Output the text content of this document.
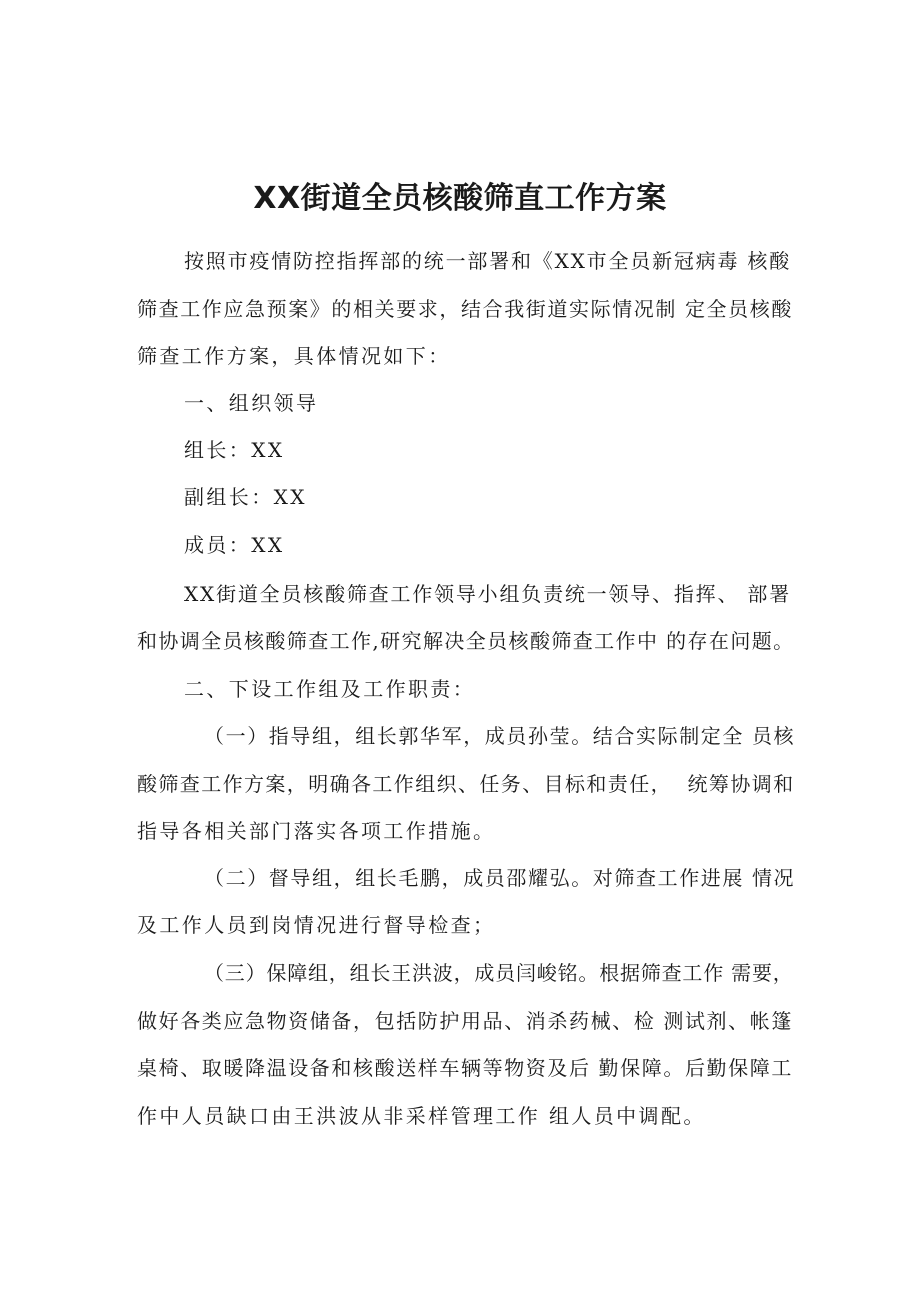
XX街道全员核酸筛直工作方案

按照市疫情防控指挥部的统一部署和《XX市全员新冠病毒 核酸

筛查工作应急预案》的相关要求，结合我街道实际情况制 定全员核酸

筛查工作方案，具体情况如下：

一、组织领导

组长：XX

副组长：XX

成员：XX

XX街道全员核酸筛查工作领导小组负责统一领导、指挥、 部署

和协调全员核酸筛查工作,研究解决全员核酸筛查工作中 的存在问题。

二、下设工作组及工作职责：

（一）指导组，组长郭华军，成员孙莹。结合实际制定全 员核

酸筛查工作方案，明确各工作组织、任务、目标和责任，  统筹协调和

指导各相关部门落实各项工作措施。

（二）督导组，组长毛鹏，成员邵耀弘。对筛查工作进展 情况

及工作人员到岗情况进行督导检查；

（三）保障组，组长王洪波，成员闫峻铭。根据筛查工作 需要，

做好各类应急物资储备，包括防护用品、消杀药械、检 测试剂、帐篷

桌椅、取暖降温设备和核酸送样车辆等物资及后 勤保障。后勤保障工

作中人员缺口由王洪波从非采样管理工作 组人员中调配。
